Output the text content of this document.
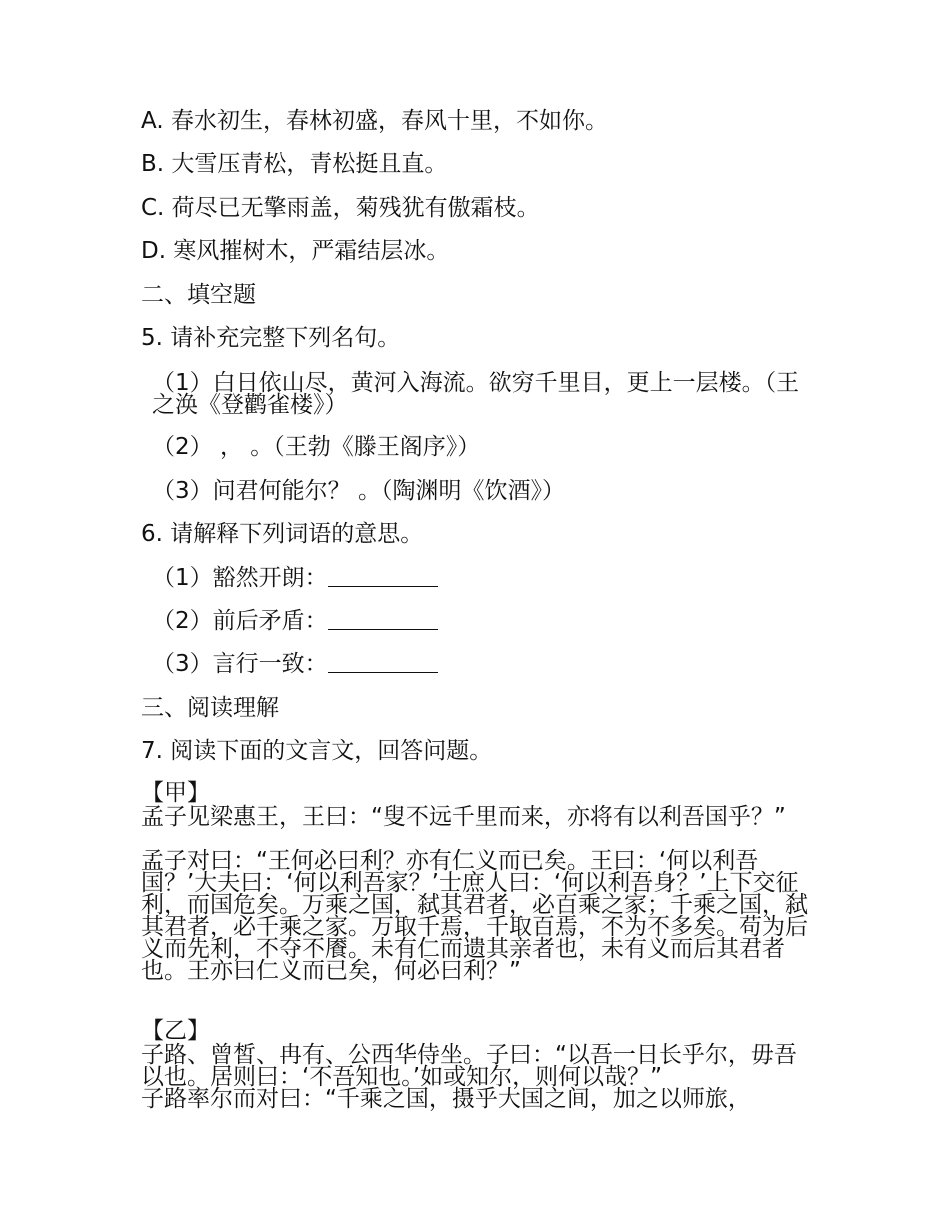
A. 春水初生，春林初盛，春风十里，不如你。
B. 大雪压青松，青松挺且直。
C. 荷尽已无擎雨盖，菊残犹有傲霜枝。
D. 寒风摧树木，严霜结层冰。
二、填空题
5. 请补充完整下列名句。
（1）白日依山尽，黄河入海流。欲穷千里目，更上一层楼。（王之涣《登鹳雀楼》）
（2） ， 。（王勃《滕王阁序》）
（3）问君何能尔？ 。（陶渊明《饮酒》）
6. 请解释下列词语的意思。
（1）豁然开朗：
（2）前后矛盾：
（3）言行一致：
三、阅读理解
7. 阅读下面的文言文，回答问题。
【甲】
孟子见梁惠王，王曰：“叟不远千里而来，亦将有以利吾国乎？”
孟子对曰：“王何必曰利？亦有仁义而已矣。王曰：‘何以利吾国？’大夫曰：‘何以利吾家？’士庶人曰：‘何以利吾身？’上下交征利，而国危矣。万乘之国，弑其君者，必百乘之家；千乘之国，弑其君者，必千乘之家。万取千焉，千取百焉，不为不多矣。苟为后义而先利，不夺不餍。未有仁而遗其亲者也，未有义而后其君者也。王亦曰仁义而已矣，何必曰利？”
【乙】
子路、曾皙、冉有、公西华侍坐。子曰：“以吾一日长乎尔，毋吾以也。居则曰：‘不吾知也。’如或知尔，则何以哉？”
子路率尔而对曰：“千乘之国，摄乎大国之间，加之以师旅，
